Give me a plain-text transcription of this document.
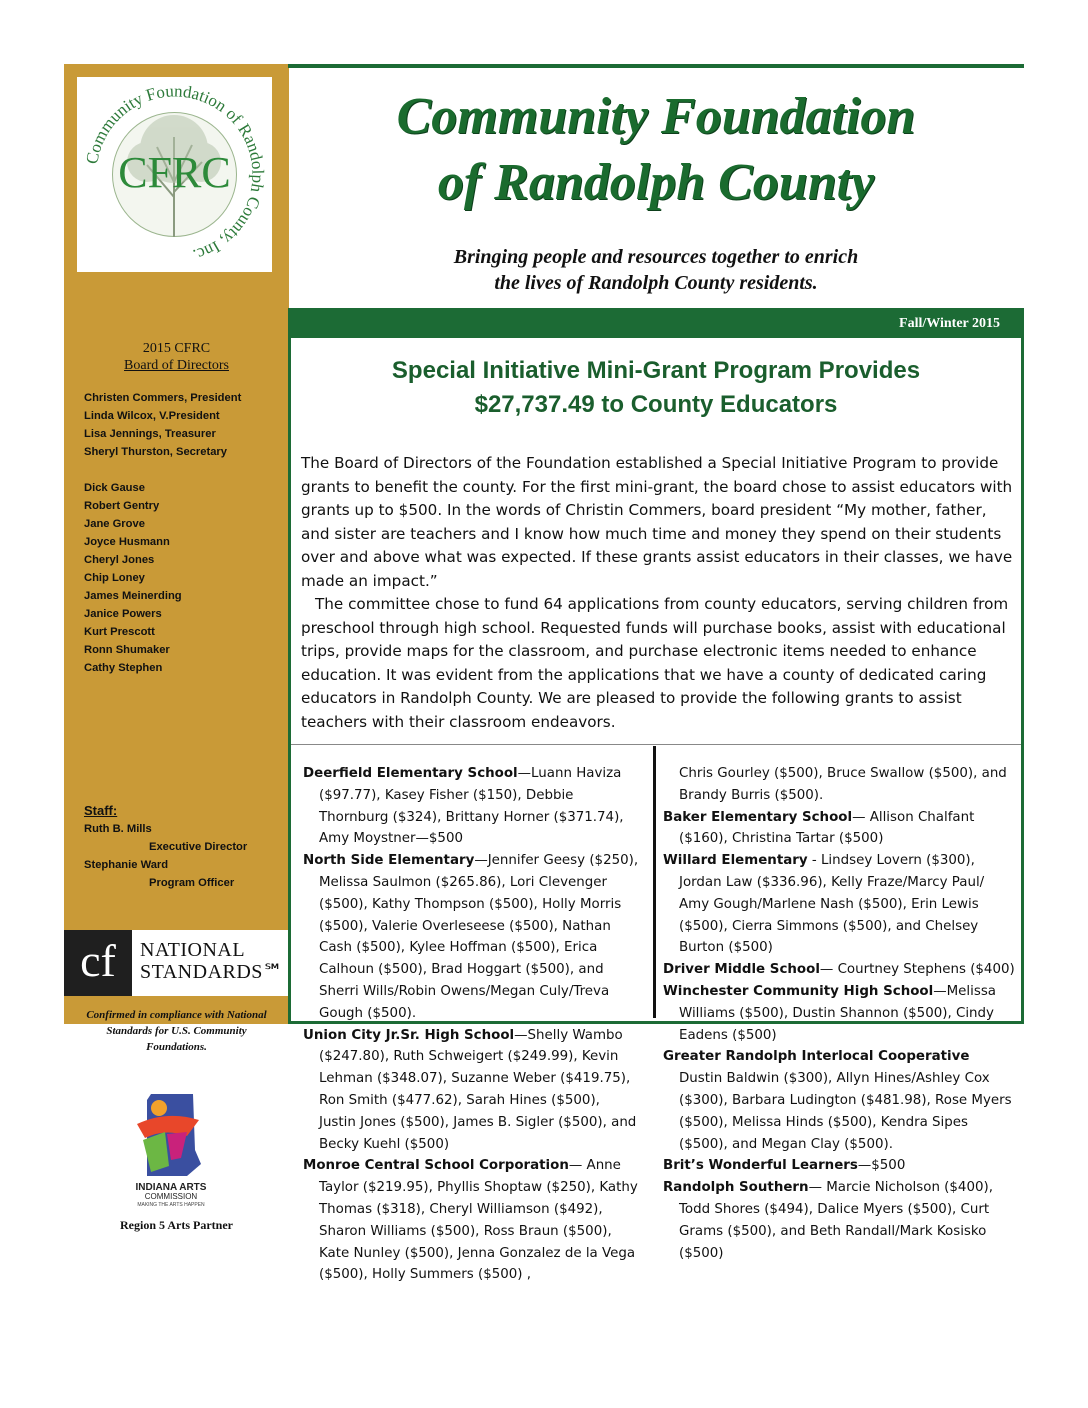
Community Foundation of Randolph County, Inc.
CFRC
2015 CFRC
Board of Directors
Christen Commers, President
Linda Wilcox, V.President
Lisa Jennings, Treasurer
Sheryl Thurston, Secretary
Dick Gause
Robert Gentry
Jane Grove
Joyce Husmann
Cheryl Jones
Chip Loney
James Meinerding
Janice Powers
Kurt Prescott
Ronn Shumaker
Cathy Stephen
Staff:
Ruth B. Mills
Executive Director
Stephanie Ward
Program Officer
cf	NATIONAL
STANDARDS℠
Confirmed in compliance with National Standards for U.S. Community Foundations.
INDIANA ARTS
COMMISSION
MAKING THE ARTS HAPPEN
Region 5 Arts Partner
Community Foundation
of Randolph County
Bringing people and resources together to enrich
the lives of Randolph County residents.
Fall/Winter 2015
Special Initiative Mini-Grant Program Provides
$27,737.49 to County Educators

The Board of Directors of the Foundation established a Special Initiative Program to provide grants to benefit the county. For the first mini-grant, the board chose to assist educators with grants up to $500. In the words of Christin Commers, board president “My mother, father, and sister are teachers and I know how much time and money they spend on their students over and above what was expected. If these grants assist educators in their classes, we have made an impact.”

The committee chose to fund 64 applications from county educators, serving children from preschool through high school. Requested funds will purchase books, assist with educational trips, provide maps for the classroom, and purchase electronic items needed to enhance education. It was evident from the applications that we have a county of dedicated caring educators in Randolph County. We are pleased to provide the following grants to assist teachers with their classroom endeavors.

Deerfield Elementary School—Luann Haviza ($97.77), Kasey Fisher ($150), Debbie Thornburg ($324), Brittany Horner ($371.74), Amy Moystner—$500
North Side Elementary—Jennifer Geesy ($250), Melissa Saulmon ($265.86), Lori Clevenger ($500), Kathy Thompson ($500), Holly Morris ($500), Valerie Overleseese ($500), Nathan Cash ($500), Kylee Hoffman ($500), Erica Calhoun ($500), Brad Hoggart ($500), and Sherri Wills/Robin Owens/Megan Culy/Treva Gough ($500).
Union City Jr.Sr. High School—Shelly Wambo ($247.80), Ruth Schweigert ($249.99), Kevin Lehman ($348.07), Suzanne Weber ($419.75), Ron Smith ($477.62), Sarah Hines ($500), Justin Jones ($500), James B. Sigler ($500), and Becky Kuehl ($500)
Monroe Central School Corporation— Anne Taylor ($219.95), Phyllis Shoptaw ($250), Kathy Thomas ($318), Cheryl Williamson ($492), Sharon Williams ($500), Ross Braun ($500), Kate Nunley ($500), Jenna Gonzalez de la Vega ($500), Holly Summers ($500) ,
Chris Gourley ($500), Bruce Swallow ($500), and Brandy Burris ($500).
Baker Elementary School— Allison Chalfant ($160), Christina Tartar ($500)
Willard Elementary - Lindsey Lovern ($300), Jordan Law ($336.96), Kelly Fraze/Marcy Paul/ Amy Gough/Marlene Nash ($500), Erin Lewis ($500), Cierra Simmons ($500), and Chelsey Burton ($500)
Driver Middle School— Courtney Stephens ($400)
Winchester Community High School—Melissa Williams ($500), Dustin Shannon ($500), Cindy Eadens ($500)
Greater Randolph Interlocal Cooperative Dustin Baldwin ($300), Allyn Hines/Ashley Cox ($300), Barbara Ludington ($481.98), Rose Myers ($500), Melissa Hinds ($500), Kendra Sipes ($500), and Megan Clay ($500).
Brit’s Wonderful Learners—$500
Randolph Southern— Marcie Nicholson ($400), Todd Shores ($494), Dalice Myers ($500), Curt Grams ($500), and Beth Randall/Mark Kosisko ($500)
